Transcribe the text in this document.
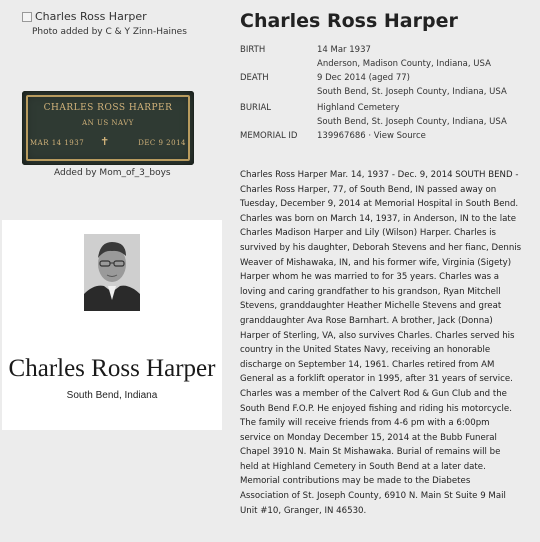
Charles Ross Harper
Photo added by C & Y Zinn-Haines
CHARLES ROSS HARPER
AN US NAVY
MAR 14 1937	DEC 9 2014
✝
Added by Mom_of_3_boys
Charles Ross Harper
South Bend, Indiana
Charles Ross Harper
BIRTH	14 Mar 1937
Anderson, Madison County, Indiana, USA
DEATH	9 Dec 2014 (aged 77)
South Bend, St. Joseph County, Indiana, USA
BURIAL	Highland Cemetery
South Bend, St. Joseph County, Indiana, USA
MEMORIAL ID 139967686 · View Source
Charles Ross Harper Mar. 14, 1937 - Dec. 9, 2014 SOUTH BEND -
Charles Ross Harper, 77, of South Bend, IN passed away on
Tuesday, December 9, 2014 at Memorial Hospital in South Bend.
Charles was born on March 14, 1937, in Anderson, IN to the late
Charles Madison Harper and Lily (Wilson) Harper. Charles is
survived by his daughter, Deborah Stevens and her fianc, Dennis
Weaver of Mishawaka, IN, and his former wife, Virginia (Sigety)
Harper whom he was married to for 35 years. Charles was a
loving and caring grandfather to his grandson, Ryan Mitchell
Stevens, granddaughter Heather Michelle Stevens and great
granddaughter Ava Rose Barnhart. A brother, Jack (Donna)
Harper of Sterling, VA, also survives Charles. Charles served his
country in the United States Navy, receiving an honorable
discharge on September 14, 1961. Charles retired from AM
General as a forklift operator in 1995, after 31 years of service.
Charles was a member of the Calvert Rod & Gun Club and the
South Bend F.O.P. He enjoyed fishing and riding his motorcycle.
The family will receive friends from 4-6 pm with a 6:00pm
service on Monday December 15, 2014 at the Bubb Funeral
Chapel 3910 N. Main St Mishawaka. Burial of remains will be
held at Highland Cemetery in South Bend at a later date.
Memorial contributions may be made to the Diabetes
Association of St. Joseph County, 6910 N. Main St Suite 9 Mail
Unit #10, Granger, IN 46530.
